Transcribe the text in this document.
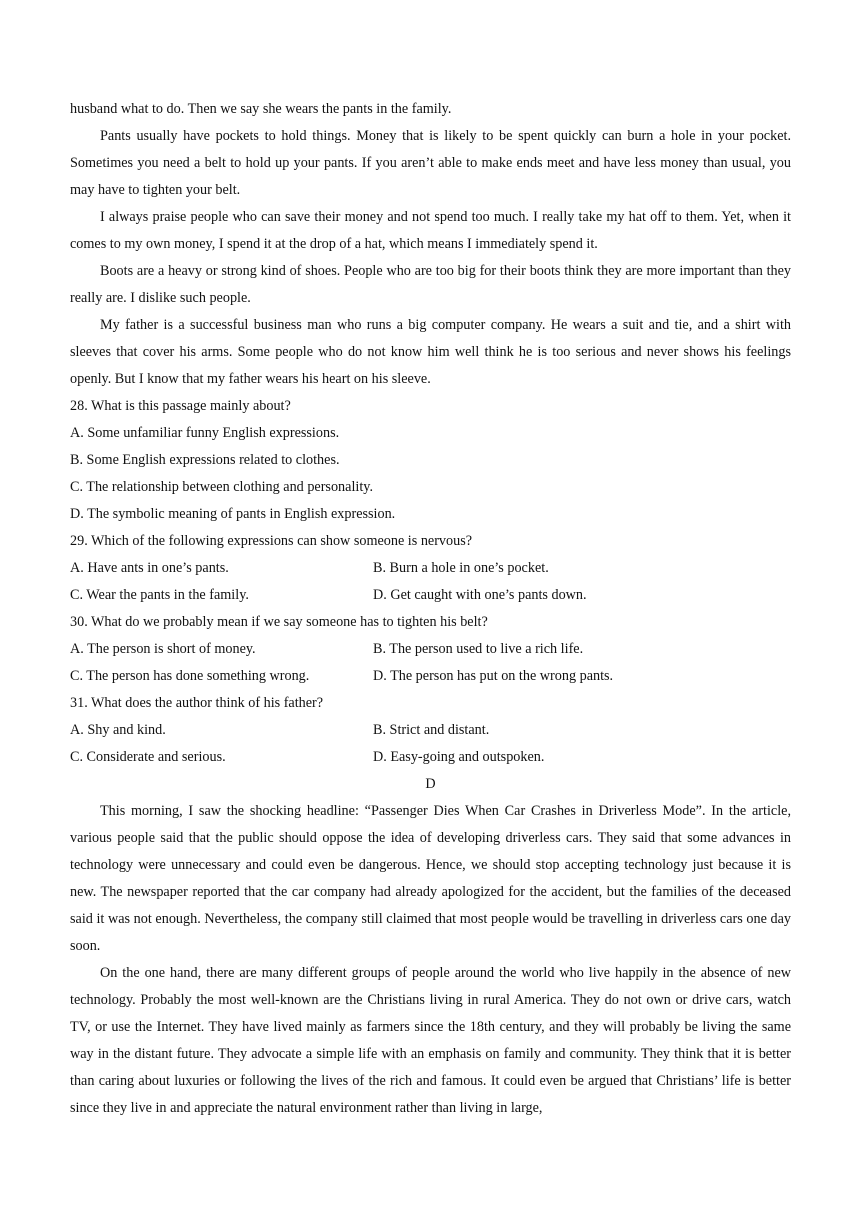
husband what to do. Then we say she wears the pants in the family.

Pants usually have pockets to hold things. Money that is likely to be spent quickly can burn a hole in your pocket. Sometimes you need a belt to hold up your pants. If you aren’t able to make ends meet and have less money than usual, you may have to tighten your belt.

I always praise people who can save their money and not spend too much. I really take my hat off to them. Yet, when it comes to my own money, I spend it at the drop of a hat, which means I immediately spend it.

Boots are a heavy or strong kind of shoes. People who are too big for their boots think they are more important than they really are. I dislike such people.

My father is a successful business man who runs a big computer company. He wears a suit and tie, and a shirt with sleeves that cover his arms. Some people who do not know him well think he is too serious and never shows his feelings openly. But I know that my father wears his heart on his sleeve.

28. What is this passage mainly about?

A. Some unfamiliar funny English expressions.

B. Some English expressions related to clothes.

C. The relationship between clothing and personality.

D. The symbolic meaning of pants in English expression.

29. Which of the following expressions can show someone is nervous?

A. Have ants in one’s pants.	B. Burn a hole in one’s pocket.
C. Wear the pants in the family.	D. Get caught with one’s pants down.

30. What do we probably mean if we say someone has to tighten his belt?

A. The person is short of money.	B. The person used to live a rich life.
C. The person has done something wrong.	D. The person has put on the wrong pants.

31. What does the author think of his father?

A. Shy and kind.	B. Strict and distant.
C. Considerate and serious.	D. Easy-going and outspoken.

D

This morning, I saw the shocking headline: “Passenger Dies When Car Crashes in Driverless Mode”. In the article, various people said that the public should oppose the idea of developing driverless cars. They said that some advances in technology were unnecessary and could even be dangerous. Hence, we should stop accepting technology just because it is new. The newspaper reported that the car company had already apologized for the accident, but the families of the deceased said it was not enough. Nevertheless, the company still claimed that most people would be travelling in driverless cars one day soon.

On the one hand, there are many different groups of people around the world who live happily in the absence of new technology. Probably the most well-known are the Christians living in rural America. They do not own or drive cars, watch TV, or use the Internet. They have lived mainly as farmers since the 18th century, and they will probably be living the same way in the distant future. They advocate a simple life with an emphasis on family and community. They think that it is better than caring about luxuries or following the lives of the rich and famous. It could even be argued that Christians’ life is better since they live in and appreciate the natural environment rather than living in large,
